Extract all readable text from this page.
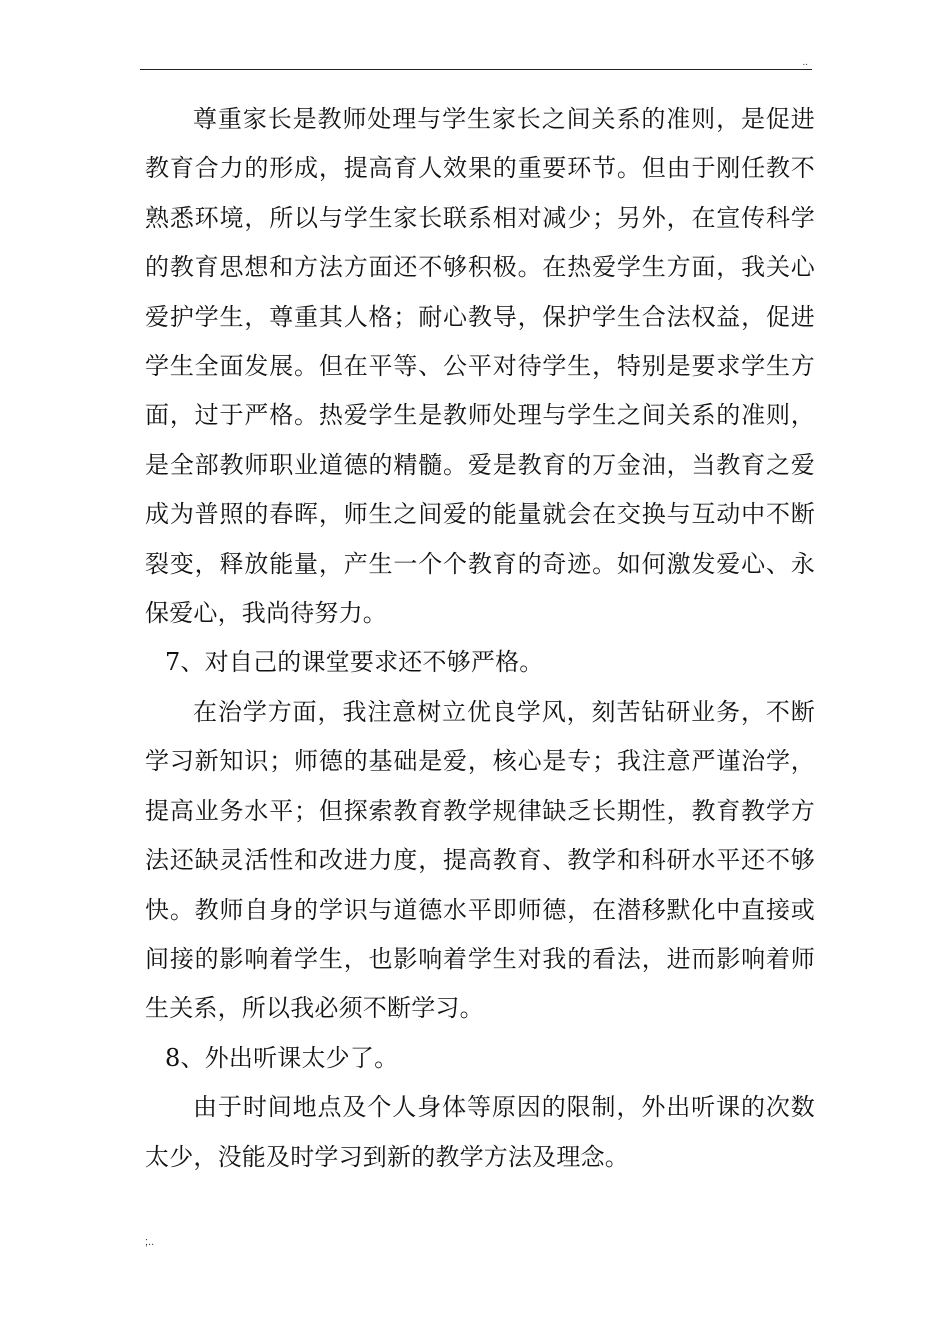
..

尊重家长是教师处理与学生家长之间关系的准则，是促进教育合力的形成，提高育人效果的重要环节。但由于刚任教不熟悉环境，所以与学生家长联系相对减少；另外，在宣传科学的教育思想和方法方面还不够积极。在热爱学生方面，我关心爱护学生，尊重其人格；耐心教导，保护学生合法权益，促进学生全面发展。但在平等、公平对待学生，特别是要求学生方面，过于严格。热爱学生是教师处理与学生之间关系的准则，是全部教师职业道德的精髓。爱是教育的万金油，当教育之爱成为普照的春晖，师生之间爱的能量就会在交换与互动中不断裂变，释放能量，产生一个个教育的奇迹。如何激发爱心、永保爱心，我尚待努力。

7、对自己的课堂要求还不够严格。

在治学方面，我注意树立优良学风，刻苦钻研业务，不断学习新知识；师德的基础是爱，核心是专；我注意严谨治学，提高业务水平；但探索教育教学规律缺乏长期性，教育教学方法还缺灵活性和改进力度，提高教育、教学和科研水平还不够快。教师自身的学识与道德水平即师德，在潜移默化中直接或间接的影响着学生，也影响着学生对我的看法，进而影响着师生关系，所以我必须不断学习。

8、外出听课太少了。

由于时间地点及个人身体等原因的限制，外出听课的次数太少，没能及时学习到新的教学方法及理念。

;..
